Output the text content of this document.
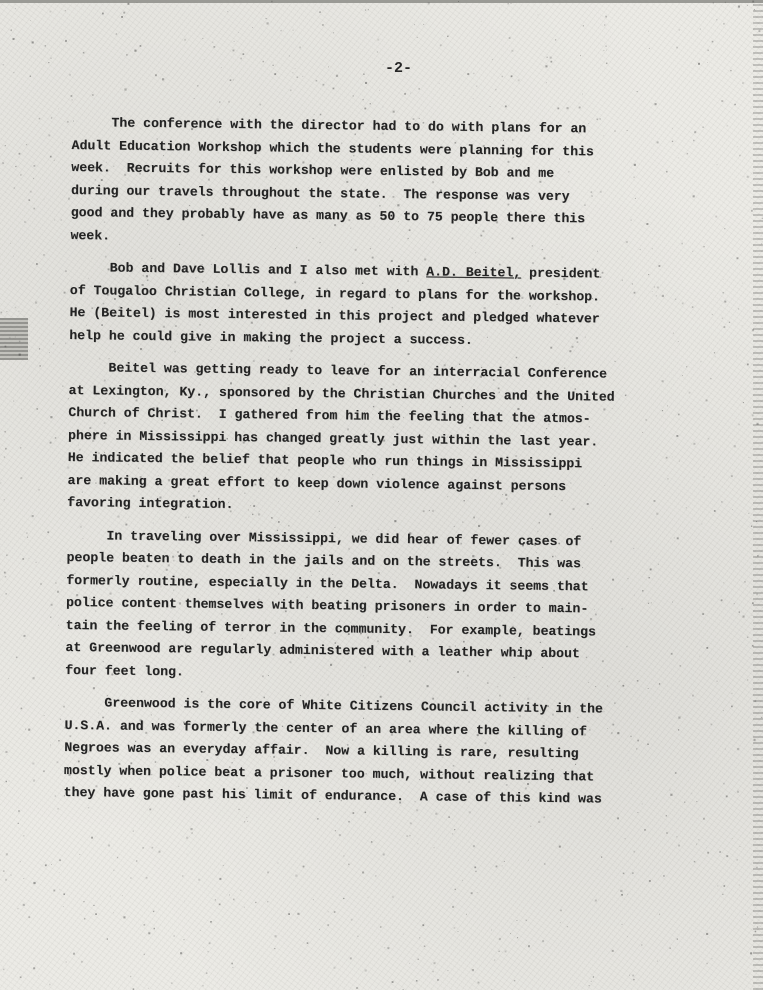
-2-
The conference with the director had to do with plans for an
Adult Education Workshop which the students were planning for this
week.  Recruits for this workshop were enlisted by Bob and me
during our travels throughout the state.  The response was very
good and they probably have as many as 50 to 75 people there this
week.
Bob and Dave Lollis and I also met with A.D. Beitel, president
of Tougaloo Christian College, in regard to plans for the workshop.
He (Beitel) is most interested in this project and pledged whatever
help he could give in making the project a success.
Beitel was getting ready to leave for an interracial Conference
at Lexington, Ky., sponsored by the Christian Churches and the United
Church of Christ.  I gathered from him the feeling that the atmos-
phere in Mississippi has changed greatly just within the last year.
He indicated the belief that people who run things in Mississippi
are making a great effort to keep down violence against persons
favoring integration.
In traveling over Mississippi, we did hear of fewer cases of
people beaten to death in the jails and on the streets.  This was
formerly routine, especially in the Delta.  Nowadays it seems that
police content themselves with beating prisoners in order to main-
tain the feeling of terror in the community.  For example, beatings
at Greenwood are regularly administered with a leather whip about
four feet long.
Greenwood is the core of White Citizens Council activity in the
U.S.A. and was formerly the center of an area where the killing of
Negroes was an everyday affair.  Now a killing is rare, resulting
mostly when police beat a prisoner too much, without realizing that
they have gone past his limit of endurance.  A case of this kind was
